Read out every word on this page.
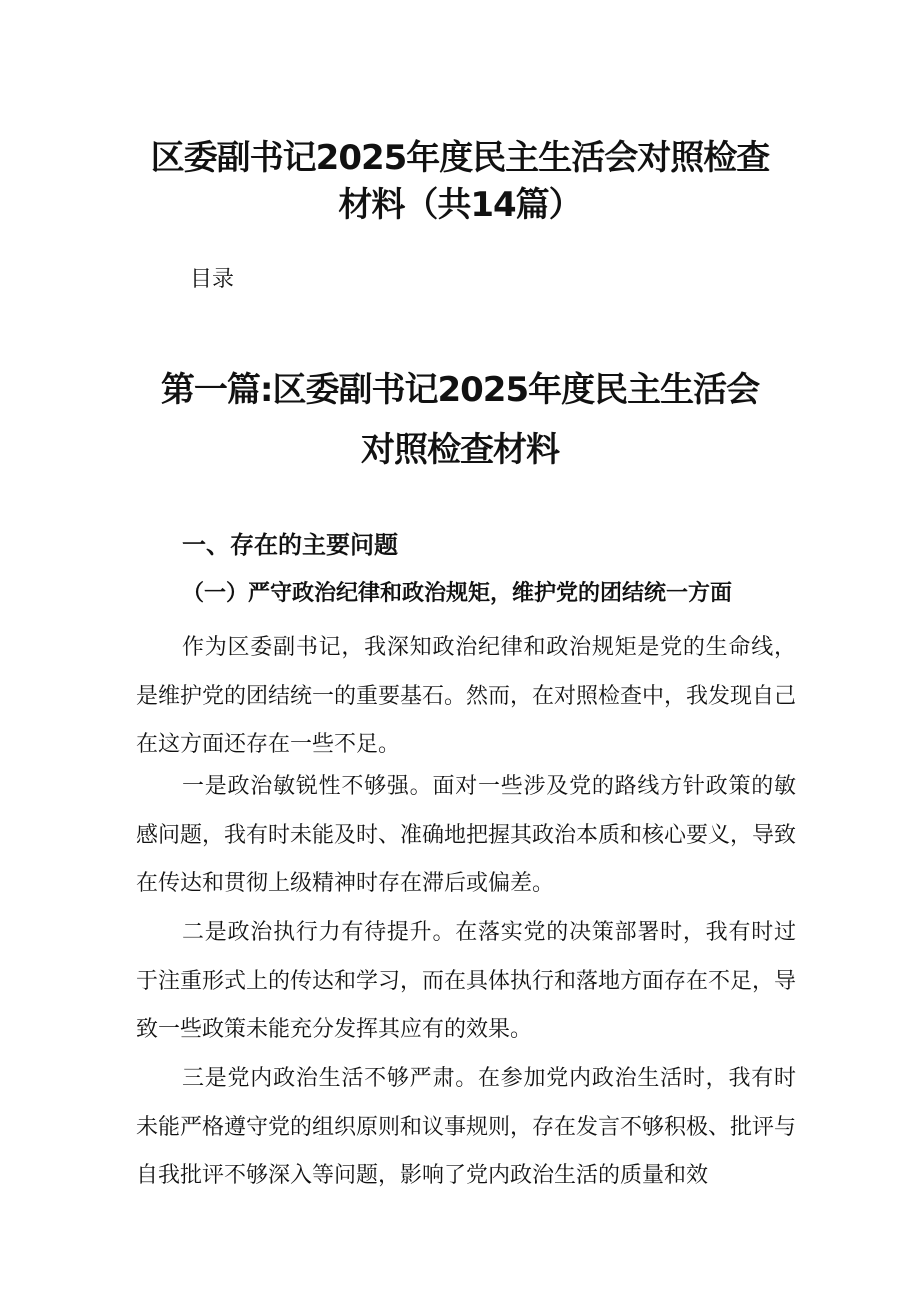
区委副书记2025年度民主生活会对照检查
材料（共14篇）

目录

第一篇:区委副书记2025年度民主生活会
对照检查材料
一、存在的主要问题
（一）严守政治纪律和政治规矩，维护党的团结统一方面

作为区委副书记，我深知政治纪律和政治规矩是党的生命线，是维护党的团结统一的重要基石。然而，在对照检查中，我发现自己在这方面还存在一些不足。

一是政治敏锐性不够强。面对一些涉及党的路线方针政策的敏感问题，我有时未能及时、准确地把握其政治本质和核心要义，导致在传达和贯彻上级精神时存在滞后或偏差。

二是政治执行力有待提升。在落实党的决策部署时，我有时过于注重形式上的传达和学习，而在具体执行和落地方面存在不足，导致一些政策未能充分发挥其应有的效果。

三是党内政治生活不够严肃。在参加党内政治生活时，我有时未能严格遵守党的组织原则和议事规则，存在发言不够积极、批评与自我批评不够深入等问题，影响了党内政治生活的质量和效
